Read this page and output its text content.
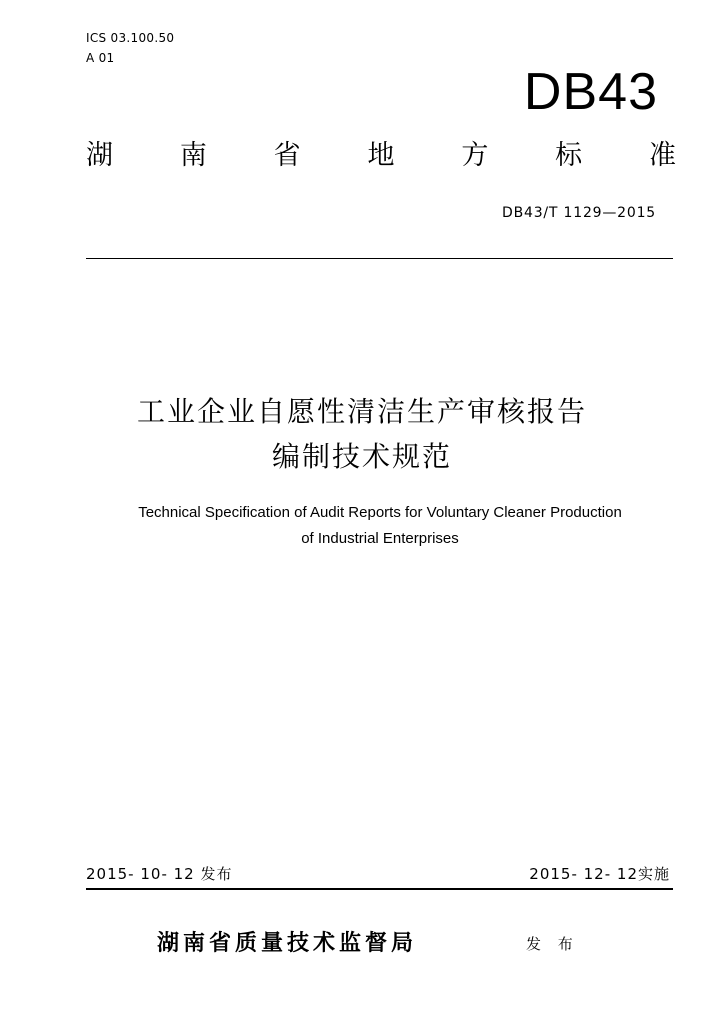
ICS 03.100.50
A 01
DB43
湖 南 省 地 方 标 准
DB43/T 1129—2015
工业企业自愿性清洁生产审核报告
编制技术规范
Technical Specification of Audit Reports for Voluntary Cleaner Production
of Industrial Enterprises
2015- 10- 12 发布	2015- 12- 12实施
湖南省质量技术监督局	发 布
